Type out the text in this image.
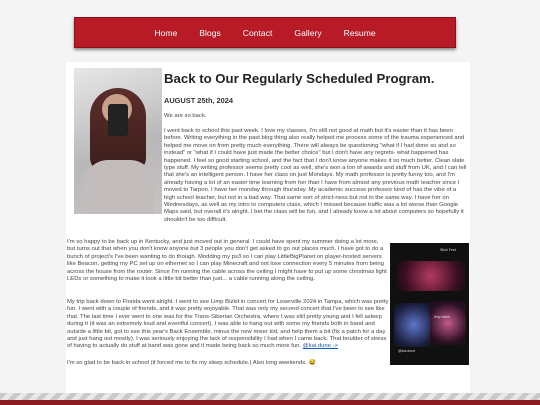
Home	Blogs	Contact	Gallery	Resume
Back to Our Regularly Scheduled Program.
AUGUST 25th, 2024

We are so back.

I went back to school this past week. I love my classes, I'm still not good at math but it's easier than it has been before. Writing everything in the past blog thing also really helped me process some of the trauma experienced and helped me move on from pretty much everything. There will always be questioning "what if I had done so and so instead" or "what if I could have just made the better choice" but I don't have any regrets- what happened has happened. I feel so good starting school, and the fact that I don't know anyone makes it so much better. Clean slate type stuff. My writing professor seems pretty cool as well, she's won a ton of awards and stuff from UK, and I can tell that she's an intelligent person. I have her class on just Mondays. My math professor is pretty funny too, and I'm already having a lot of an easier time learning from her than I have from almost any previous math teacher since I moved to Tarpon. I have her monday through thursday. My academic success professor kind of has the vibe of a high school teacher, but not in a bad way. That same sort of strict-ness but not in the same way. I have her on Wednesdays, as well as my intro to computers class, which I missed because traffic was a lot worse than Google Maps said, but overall it's alright. I bet the class will be fun, and I already know a lot about computers so hopefully it shouldn't be too difficult.

I'm so happy to be back up in Kentucky, and just moved out in general. I could have spent my summer doing a lot more, but turns out that when you don't know anyone but 3 people you don't get asked to go out places much. I have got to do a bunch of project's I've been wanting to do though. Modding my ps3 so I can play LittleBigPlanet on player-hosted servers like Beacon, getting my PC set up on ethernet so I can play Minecraft and not lose connection every 5 minutes from being across the house from the router. Since I'm running the cable across the ceiling I might have to put up some christmas light LEDs or something to make it look a little bit better than just... a cable running along the ceiling.

My trip back down to Florida went alright. I went to see Limp Bizkit in concert for Loserville 2024 in Tampa, which was pretty fun. I went with a couple of friends, and it was pretty enjoyable. That was only my second concert that I've been to see like that. The last time I ever went to one was for the Trans-Siberian Orchestra, where I was still pretty young and I fell asleep during it (it was an extremely loud and eventful concert). I was able to hang out with some my friends both in band and outside a little bit, got to see this year's Back Ensemble, minus the new mixer kid, and help them a bit (fix a patch for a day and just hang out mostly). I was seriously enjoying the lack of responsibility I had when I came back. That boulder of stress of having to actually do stuff at band was gone and it made being back so much more fun. @kai.dune ->

I'm so glad to be back in school (it forced me to fix my sleep schedule.) Also long weekends. 😅

Stick Fest
limp bizkit
@kai.dune
